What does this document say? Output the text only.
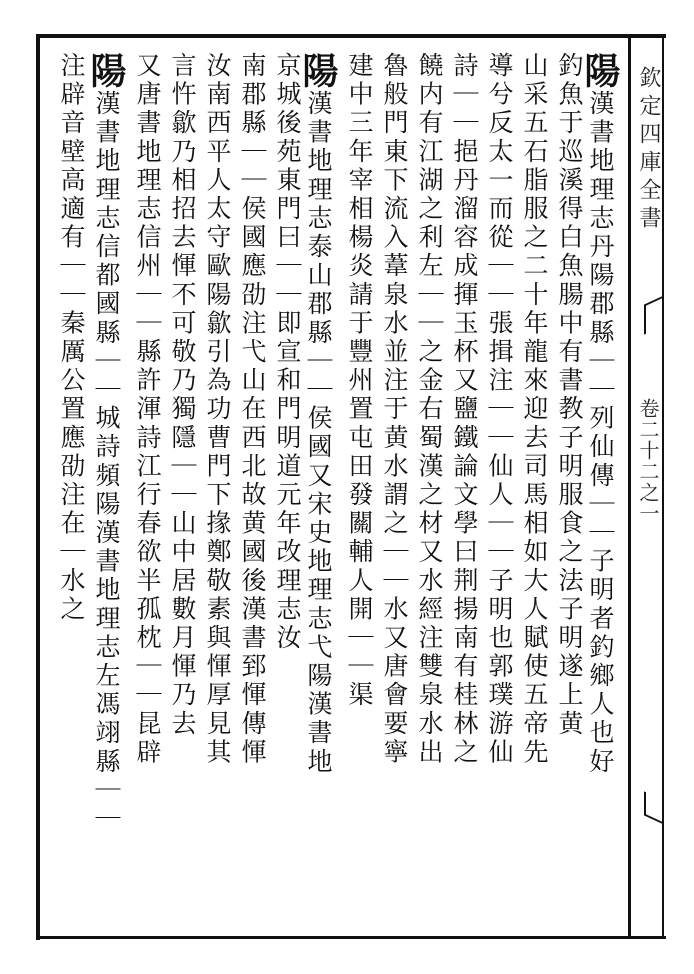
欽定四庫全書
卷二十二之一
陽漢書地理志丹陽郡縣｜｜列仙傳｜｜子明者釣鄉人也好
釣魚于巡溪得白魚腸中有書教子明服食之法子明遂上黄
山采五石脂服之二十年龍來迎去司馬相如大人賦使五帝先
導兮反太一而從｜｜張揖注｜｜仙人｜｜子明也郭璞游仙
詩｜｜挹丹溜容成揮玉杯又鹽鐵論文學曰荆揚南有桂林之
饒内有江湖之利左｜｜之金右蜀漢之材又水經注雙泉水出
魯般門東下流入葦泉水並注于黄水謂之｜｜水又唐會要寧
建中三年宰相楊炎請于豐州置屯田發關輔人開｜｜渠
陽漢書地理志泰山郡縣｜｜侯國又宋史地理志弋陽漢書地
京城後苑東門曰｜｜即宣和門明道元年改理志汝
南郡縣｜｜侯國應劭注弋山在西北故黄國後漢書郅惲傳惲
汝南西平人太守歐陽歙引為功曹門下掾鄭敬素與惲厚見其
言忤歙乃相招去惲不可敬乃獨隱｜｜山中居數月惲乃去
又唐書地理志信州｜｜縣許渾詩江行春欲半孤枕｜｜昆辟
陽漢書地理志信都國縣｜｜城詩頻陽漢書地理志左馮翊縣｜｜
注辟音壁高適有｜｜秦厲公置應劭注在｜水之
